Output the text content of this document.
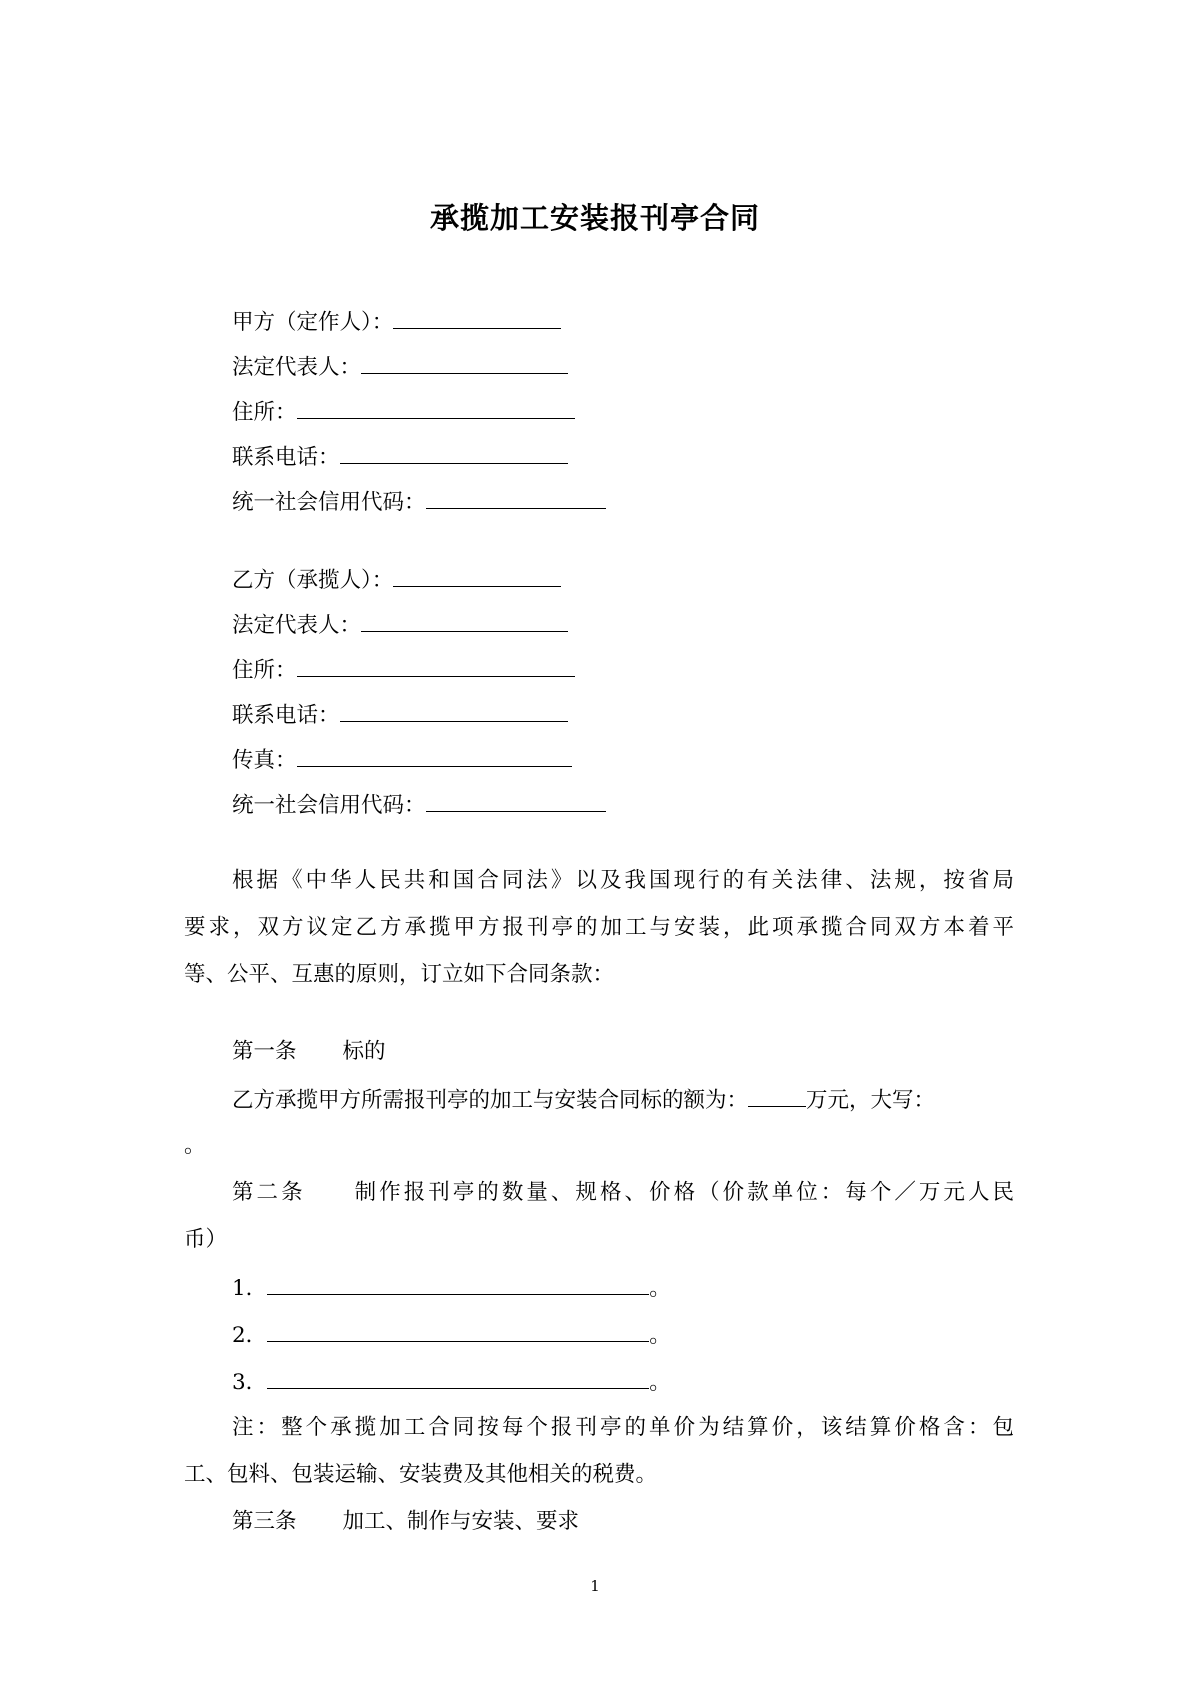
承揽加工安装报刊亭合同
甲方（定作人）：
法定代表人：
住所：
联系电话：
统一社会信用代码：
乙方（承揽人）：
法定代表人：
住所：
联系电话：
传真：
统一社会信用代码：
根据《中华人民共和国合同法》以及我国现行的有关法律、法规，按省局
要求，双方议定乙方承揽甲方报刊亭的加工与安装，此项承揽合同双方本着平
等、公平、互惠的原则，订立如下合同条款：
第一条 标的
乙方承揽甲方所需报刊亭的加工与安装合同标的额为：	万元，大写：
。
第二条 制作报刊亭的数量、规格、价格（价款单位：每个／万元人民
币）
1．	。
2．	。
3．	。
注：整个承揽加工合同按每个报刊亭的单价为结算价，该结算价格含：包
工、包料、包装运输、安装费及其他相关的税费。
第三条 加工、制作与安装、要求
1
